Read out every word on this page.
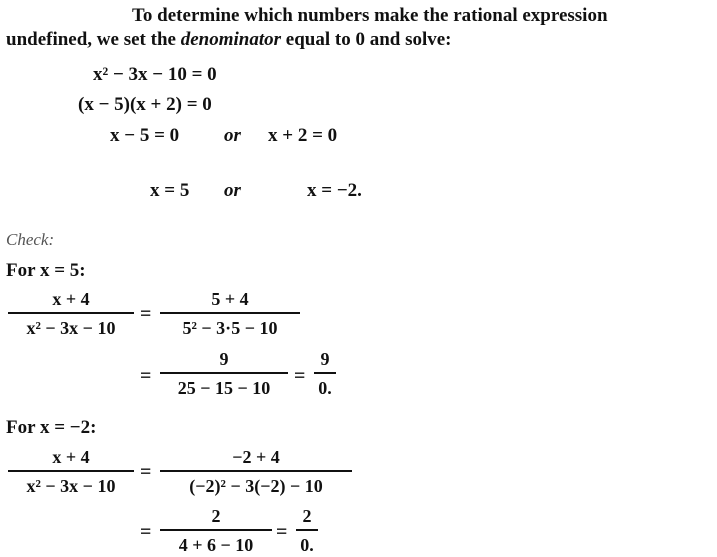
To determine which numbers make the rational expression
undefined, we set the denominator equal to 0 and solve:
x² − 3x − 10 = 0
(x − 5)(x + 2) = 0
x − 5 = 0 or x + 2 = 0
x = 5 or	x = −2.
Check:
For x = 5:
x + 4
x² − 3x − 10
=
5 + 4
5² − 3·5 − 10
=
9
25 − 15 − 10
=
9
0.
For x = −2:
x + 4
x² − 3x − 10
=
−2 + 4
(−2)² − 3(−2) − 10
=
2
4 + 6 − 10
=
2
0.
